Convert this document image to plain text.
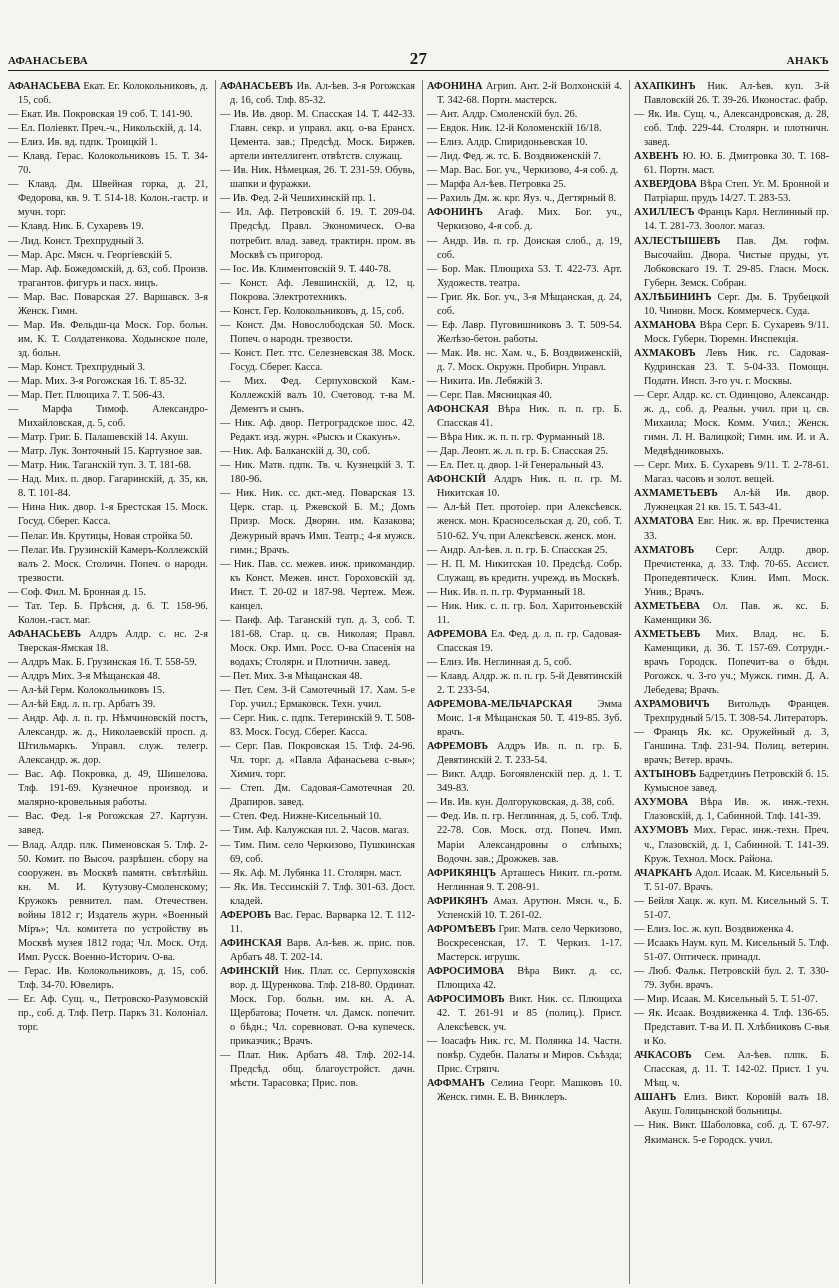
АФАНАСЬЕВА	27	АНАКЪ
АФАНАСЬЕВА Екат. Ег. Колокольниковъ, д. 15, соб.
— Екат. Ив. Покровская 19 соб. Т. 141-90.
— Ел. Поліевкт. Преч.-ч., Никольскій, д. 14.
— Елиз. Ив. вд. пдпк. Троицкій 1.
— Клавд. Герас. Колокольниковъ 15. Т. 34-70.
— Клавд. Дм. Швейная горка, д. 21, Федорова, кв. 9. Т. 514-18. Колон.-гастр. и мучн. торг.
— Клавд. Ник. Б. Сухаревъ 19.
— Лид. Конст. Трехпрудный 3.
— Мар. Арс. Мясн. ч. Георгіевскій 5.
— Мар. Аф. Божедомскій, д. 63, соб. Произв. трагантов. фигуръ и пасх. яицъ.
— Мар. Вас. Поварская 27. Варшавск. 3-я Женск. Гимн.
— Мар. Ив. Фельдш-ца Моск. Гор. больн. им. К. Т. Солдатенкова. Ходынское поле, зд. больн.
— Мар. Конст. Трехпрудный 3.
— Мар. Мих. 3-я Рогожская 16. Т. 85-32.
— Мар. Пет. Плющиха 7. Т. 506-43.
— Марфа Тимоф. Александро-Михайловская, д. 5, соб.
— Матр. Григ. Б. Палашевскій 14. Акуш.
— Матр. Лук. Зонточный 15. Картузное зав.
— Матр. Ник. Таганскій туп. 3. Т. 181-68.
— Над. Мих. п. двор. Гагаринскій, д. 35, кв. 8. Т. 101-84.
— Нина Ник. двор. 1-я Брестская 15. Моск. Госуд. Сберег. Касса.
— Пелаг. Ив. Крутицы, Новая стройка 50.
— Пелаг. Ив. Грузинскій Камеръ-Коллежскій валъ 2. Моск. Столичн. Попеч. о народн. трезвости.
— Соф. Фил. М. Бронная д. 15.
— Тат. Тер. Б. Прѣсня, д. 6. Т. 158-96. Колон.-гаст. маг.
АФАНАСЬЕВЪ Алдръ Алдр. с. нс. 2-я Тверская-Ямская 18.
— Алдръ Мак. Б. Грузинская 16. Т. 558-59.
— Алдръ Мих. 3-я Мѣщанская 48.
— Ал-ѣй Герм. Колокольниковъ 15.
— Ал-ѣй Евд. л. п. гр. Арбатъ 39.
— Андр. Аф. л. п. гр. Нѣмчиновскій постъ, Александр. ж. д., Николаевскій просп. д. Штильмаркъ. Управл. служ. телегр. Александр. ж. дор.
— Вас. Аф. Покровка, д. 49, Шишелова. Тлф. 191-69. Кузнечное производ. и малярно-кровельныя работы.
— Вас. Фед. 1-я Рогожская 27. Картузн. завед.
— Влад. Алдр. плк. Пименовская 5. Тлф. 2-50. Комит. по Высоч. разрѣшен. сбору на сооружен. въ Москвѣ памятн. свѣтлѣйш. кн. М. И. Кутузову-Смоленскому; Кружокъ ревнител. пам. Отечествен. войны 1812 г; Издатель журн. «Военный Міръ»; Чл. комитета по устройству въ Москвѣ музея 1812 года; Чл. Моск. Отд. Имп. Русск. Военно-Историч. О-ва.
— Герас. Ив. Колокольниковъ, д. 15, соб. Тлф. 34-70. Ювелиръ.
— Ег. Аф. Сущ. ч., Петровско-Разумовскій пр., соб. д. Тлф. Петр. Паркъ 31. Колоніал. торг.
АФАНАСЬЕВЪ Ив. Ал-ѣев. 3-я Рогожская д. 16, соб. Тлф. 85-32.
— Ив. Ив. двор. М. Спасская 14. Т. 442-33. Главн. секр. и управл. акц. о-ва Ерансх. Цемента. зав.; Предсѣд. Моск. Биржев. артели интеллигент. отвѣтств. служащ.
— Ив. Ник. Нѣмецкая, 26. Т. 231-59. Обувь, шапки и фуражки.
— Ив. Фед. 2-й Чешихинскій пр. 1.
— Ил. Аф. Петровскій б. 19. Т. 209-04. Предсѣд. Правл. Экономическ. О-ва потребит. влад. завед. трактирн. пром. въ Москвѣ съ пригород.
— Іос. Ив. Климентовскій 9. Т. 440-78.
— Конст. Аф. Левшинскій, д. 12, ц. Покрова. Электротехникъ.
— Конст. Гер. Колокольниковъ, д. 15, соб.
— Конст. Дм. Новослободская 50. Моск. Попеч. о народн. трезвости.
— Конст. Пет. ттс. Селезневская 38. Моск. Госуд. Сберег. Касса.
— Мих. Фед. Серпуховской Кам.-Коллежскій валъ 10. Счетовод. т-ва М. Дементъ и сынъ.
— Ник. Аф. двор. Петроградское шос. 42. Редакт. изд. журн. «Рыскъ и Скакунъ».
— Ник. Аф. Балканскій д. 30, соб.
— Ник. Матв. пдпк. Тв. ч. Кузнецкій 3. Т. 180-96.
— Ник. Ник. сс. дкт.-мед. Поварская 13. Церк. стар. ц. Ржевской Б. М.; Домъ Призр. Моск. Дворян. им. Казакова; Дежурный врачъ Имп. Театр.; 4-я мужск. гимн.; Врачъ.
— Ник. Пав. сс. межев. инж. прикомандир. къ Конст. Межев. инст. Гороховскій зд. Инст. Т. 20-02 и 187-98. Чертеж. Меж. канцел.
— Панф. Аф. Таганскій туп. д. 3, соб. Т. 181-68. Стар. ц. св. Николая; Правл. Моск. Окр. Имп. Росс. О-ва Спасенія на водахъ; Столярн. и Плотничн. завед.
— Пет. Мих. 3-я Мѣщанская 48.
— Пет. Сем. 3-й Самотечный 17. Хам. 5-е Гор. учил.; Ермаковск. Техн. учил.
— Серг. Ник. с. пдпк. Тетеринскій 9. Т. 508-83. Моск. Госуд. Сберег. Касса.
— Серг. Пав. Покровская 15. Тлф. 24-96. Чл. торг. д. «Павла Афанасьева с-вья»; Химич. торг.
— Степ. Дм. Садовая-Самотечная 20. Драпиров. завед.
— Степ. Фед. Нижне-Кисельный 10.
— Тим. Аф. Калужская пл. 2. Часов. магаз.
— Тим. Пим. село Черкизово, Пушкинская 69, соб.
— Як. Аф. М. Лубянка 11. Столярн. маст.
— Як. Ив. Тессинскій 7. Тлф. 301-63. Дост. кладей.
АФЕРОВЪ Вас. Герас. Варварка 12. Т. 112-11.
АФИНСКАЯ Варв. Ал-ѣев. ж. прис. пов. Арбатъ 48. Т. 202-14.
АФИНСКІЙ Ник. Плат. сс. Серпуховскія вор. д. Щуренкова. Тлф. 218-80. Ординат. Моск. Гор. больн. им. кн. А. А. Щербатова; Почетн. чл. Дамск. попечит. о бѣдн.; Чл. соревноват. О-ва купеческ. приказчик.; Врачъ.
— Плат. Ник. Арбатъ 48. Тлф. 202-14. Предсѣд. общ. благоустройст. дачн. мѣстн. Тарасовка; Прис. пов.
АФОНИНА Агрип. Ант. 2-й Волхонскій 4. Т. 342-68. Портн. мастерск.
— Ант. Алдр. Смоленскій бул. 26.
— Евдок. Ник. 12-й Коломенскій 16/18.
— Елиз. Алдр. Спиридоньевская 10.
— Лид. Фед. ж. тс. Б. Воздвиженскій 7.
— Мар. Вас. Бог. уч., Черкизово, 4-я соб. д.
— Марфа Ал-ѣев. Петровка 25.
— Рахиль Дм. ж. крг. Яуз. ч., Дегтярный 8.
АФОНИНЪ Агаф. Мих. Бог. уч., Черкизово, 4-я соб. д.
— Андр. Ив. п. гр. Донская слоб., д. 19, соб.
— Бор. Мак. Плющиха 53. Т. 422-73. Арт. Художеств. театра.
— Григ. Як. Бог. уч., 3-я Мѣщанская, д. 24, соб.
— Еф. Лавр. Пуговишниковъ 3. Т. 509-54. Желѣзо-бетон. работы.
— Мак. Ив. нс. Хам. ч., Б. Воздвиженскій, д. 7. Моск. Окружн. Пробирн. Управл.
— Никита. Ив. Лебяжій 3.
— Серг. Пав. Мясницкая 40.
АФОНСКАЯ Вѣра Ник. п. п. гр. Б. Спасская 41.
— Вѣра Ник. ж. п. п. гр. Фурманный 18.
— Дар. Леонт. ж. л. п. гр. Б. Спасская 25.
— Ел. Пет. ц. двор. 1-й Генеральный 43.
АФОНСКІЙ Алдръ Ник. п. п. гр. М. Никитская 10.
— Ал-ѣй Пет. протоіер. при Алексѣевск. женск. мон. Красносельская д. 20, соб. Т. 510-62. Уч. при Алексѣевск. женск. мон.
— Андр. Ал-ѣев. л. п. гр. Б. Спасская 25.
— Н. П. М. Никитская 10. Предсѣд. Собр. Служащ. въ кредитн. учрежд. въ Москвѣ.
— Ник. Ив. п. п. гр. Фурманный 18.
— Ник. Ник. с. п. гр. Бол. Харитоньевскій 11.
АФРЕМОВА Ел. Фед. д. л. п. гр. Садовая-Спасская 19.
— Елиз. Ив. Неглинная д. 5, соб.
— Клавд. Алдр. ж. п. п. гр. 5-й Девятинскій 2. Т. 233-54.
АФРЕМОВА-МЕЛЬЧАРСКАЯ Эмма Моис. 1-я Мѣщанская 50. Т. 419-85. Зуб. врачъ.
АФРЕМОВЪ Алдръ Ив. п. п. гр. Б. Девятинскій 2. Т. 233-54.
— Викт. Алдр. Богоявленскій пер. д. 1. Т. 349-83.
— Ив. Ив. кун. Долгоруковская, д. 38, соб.
— Фед. Ив. п. гр. Неглинная, д. 5, соб. Тлф. 22-78. Сов. Моск. отд. Попеч. Имп. Маріи Александровны о слѣпыхъ; Водочн. зав.; Дрожжев. зав.
АФРИКЯНЦЪ Арташесъ Никит. гл.-ротм. Неглинная 9. Т. 208-91.
АФРИКЯНЪ Амаз. Арутюн. Мясн. ч., Б. Успенскій 10. Т. 261-02.
АФРОМѢЕВЪ Григ. Матв. село Черкизово, Воскресенская, 17. Т. Черкиз. 1-17. Мастерск. игрушк.
АФРОСИМОВА Вѣра Викт. д. сс. Плющиха 42.
АФРОСИМОВЪ Викт. Ник. сс. Плющиха 42. Т. 261-91 и 85 (полиц.). Прист. Алексѣевск. уч.
— Іоасафъ Ник. гс. М. Полянка 14. Частн. повѣр. Судебн. Палаты и Миров. Съѣзда; Прис. Стряпч.
АФФМАНЪ Селина Георг. Машковъ 10. Женск. гимн. Е. В. Винклеръ.
АХАПКИНЪ Ник. Ал-ѣев. куп. 3-й Павловскій 26. Т. 39-26. Иконостас. фабр.
— Як. Ив. Сущ. ч., Александровская, д. 28, соб. Тлф. 229-44. Столярн. и плотничн. завед.
АХВЕНЪ Ю. Ю. Б. Дмитровка 30. Т. 168-61. Портн. маст.
АХВЕРДОВА Вѣра Степ. Уг. М. Бронной и Патріарш. прудъ 14/27. Т. 283-53.
АХИЛЛЕСЪ Францъ Карл. Неглинный пр. 14. Т. 281-73. Зоолог. магаз.
АХЛЕСТЫШЕВЪ Пав. Дм. гофм. Высочайш. Двора. Чистые пруды, ут. Лобковскаго 19. Т. 29-85. Гласн. Моск. Губерн. Земск. Собран.
АХЛѢБИНИНЪ Серг. Дм. Б. Трубецкой 10. Чиновн. Моск. Коммерческ. Суда.
АХМАНОВА Вѣра Серг. Б. Сухаревъ 9/11. Моск. Губерн. Тюремн. Инспекція.
АХМАКОВЪ Левъ Ник. гс. Садовая-Кудринская 23. Т. 5-04-33. Помощн. Податн. Инсп. 3-го уч. г. Москвы.
— Серг. Алдр. кс. ст. Одинцово, Александр. ж. д., соб. д. Реальн. учил. при ц. св. Михаила; Моск. Комм. Учил.; Женск. гимн. Л. Н. Валицкой; Гимн. им. И. и А. Медвѣдниковыхъ.
— Серг. Мих. Б. Сухаревъ 9/11. Т. 2-78-61. Магаз. часовъ и золот. вещей.
АХМАМЕТЬЕВЪ Ал-ѣй Ив. двор. Лужнецкая 21 кв. 15. Т. 543-41.
АХМАТОВА Евг. Ник. ж. вр. Пречистенка 33.
АХМАТОВЪ Серг. Алдр. двор. Пречистенка, д. 33. Тлф. 70-65. Ассист. Пропедевтическ. Клин. Имп. Моск. Унив.; Врачъ.
АХМЕТЬЕВА Ол. Пав. ж. кс. Б. Каменщики 36.
АХМЕТЬЕВЪ Мих. Влад. нс. Б. Каменщики, д. 36. Т. 157-69. Сотрудн.-врачъ Городск. Попечит-ва о бѣдн. Рогожск. ч. 3-го уч.; Мужск. гимн. Д. А. Лебедева; Врачъ.
АХРАМОВИЧЪ Витольдъ Францев. Трехпрудный 5/15. Т. 308-54. Литераторъ.
— Францъ Як. кс. Оружейный д. 3, Ганшина. Тлф. 231-94. Полиц. ветерин. врачъ; Ветер. врачъ.
АХТЫНОВЪ Бадретдинъ Петровскій б. 15. Кумысное завед.
АХУМОВА Вѣра Ив. ж. инж.-техн. Глазовскій, д. 1, Сабинной. Тлф. 141-39.
АХУМОВЪ Мих. Герас. инж.-техн. Преч. ч., Глазовскій, д. 1, Сабинной. Т. 141-39. Круж. Технол. Моск. Района.
АЧАРКАНЪ Адол. Исаак. М. Кисельный 5. Т. 51-07. Врачъ.
— Бейля Хацк. ж. куп. М. Кисельный 5. Т. 51-07.
— Елиз. Іос. ж. куп. Воздвиженка 4.
— Исаакъ Наум. куп. М. Кисельный 5. Тлф. 51-07. Оптическ. принадл.
— Люб. Фальк. Петровскій бул. 2. Т. 330-79. Зубн. врачъ.
— Мир. Исаак. М. Кисельный 5. Т. 51-07.
— Як. Исаак. Воздвиженка 4. Тлф. 136-65. Представит. Т-ва И. П. Хлѣбниковъ С-вья и Ко.
АЧКАСОВЪ Сем. Ал-ѣев. плпк. Б. Спасская, д. 11. Т. 142-02. Прист. 1 уч. Мѣщ. ч.
АШАНЪ Елиз. Викт. Коровій валъ 18. Акуш. Голицынской больницы.
— Ник. Викт. Шаболовка, соб. д. Т. 67-97. Якиманск. 5-е Городск. учил.
